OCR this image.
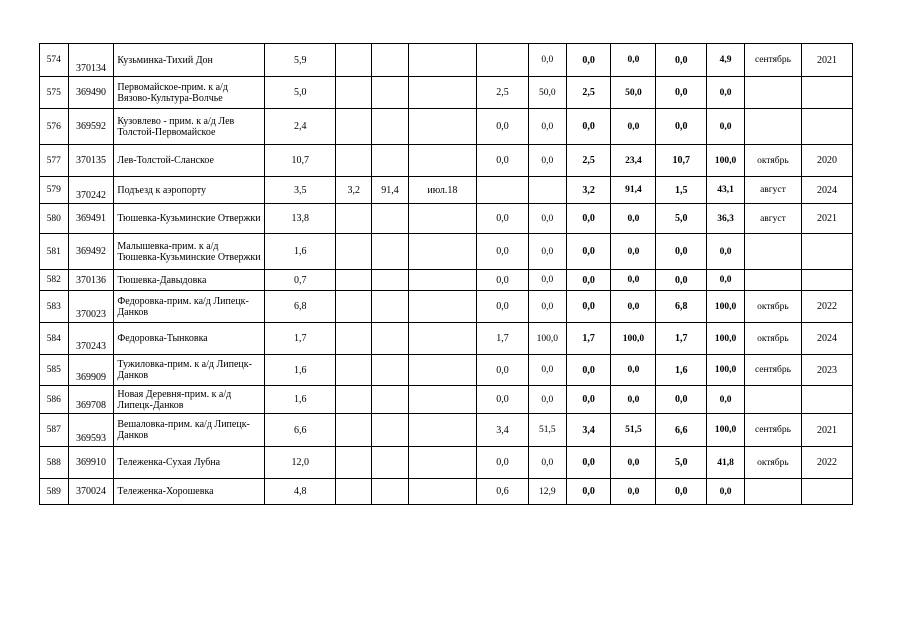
574	370134	Кузьминка-Тихий Дон	5,9					0,0	0,0	0,0	0,0	4,9	сентябрь	2021
575	369490	Первомайское-прим. к а/д Вязово-Культура-Волчье	5,0				2,5	50,0	2,5	50,0	0,0	0,0		
576	369592	Кузовлево - прим. к а/д Лев Толстой-Первомайское	2,4				0,0	0,0	0,0	0,0	0,0	0,0		
577	370135	Лев-Толстой-Сланское	10,7				0,0	0,0	2,5	23,4	10,7	100,0	октябрь	2020
579	370242	Подъезд к аэропорту	3,5	3,2	91,4	июл.18			3,2	91,4	1,5	43,1	август	2024
580	369491	Тюшевка-Кузьминские Отвержки	13,8				0,0	0,0	0,0	0,0	5,0	36,3	август	2021
581	369492	Малышевка-прим. к а/д Тюшевка-Кузьминские Отвержки	1,6				0,0	0,0	0,0	0,0	0,0	0,0		
582	370136	Тюшевка-Давыдовка	0,7				0,0	0,0	0,0	0,0	0,0	0,0		
583	370023	Федоровка-прим. ка/д Липецк-Данков	6,8				0,0	0,0	0,0	0,0	6,8	100,0	октябрь	2022
584	370243	Федоровка-Тынковка	1,7				1,7	100,0	1,7	100,0	1,7	100,0	октябрь	2024
585	369909	Тужиловка-прим. к а/д Липецк-Данков	1,6				0,0	0,0	0,0	0,0	1,6	100,0	сентябрь	2023
586	369708	Новая Деревня-прим. к а/д Липецк-Данков	1,6				0,0	0,0	0,0	0,0	0,0	0,0		
587	369593	Вешаловка-прим. ка/д Липецк-Данков	6,6				3,4	51,5	3,4	51,5	6,6	100,0	сентябрь	2021
588	369910	Тележенка-Сухая Лубна	12,0				0,0	0,0	0,0	0,0	5,0	41,8	октябрь	2022
589	370024	Тележенка-Хорошевка	4,8				0,6	12,9	0,0	0,0	0,0	0,0		
